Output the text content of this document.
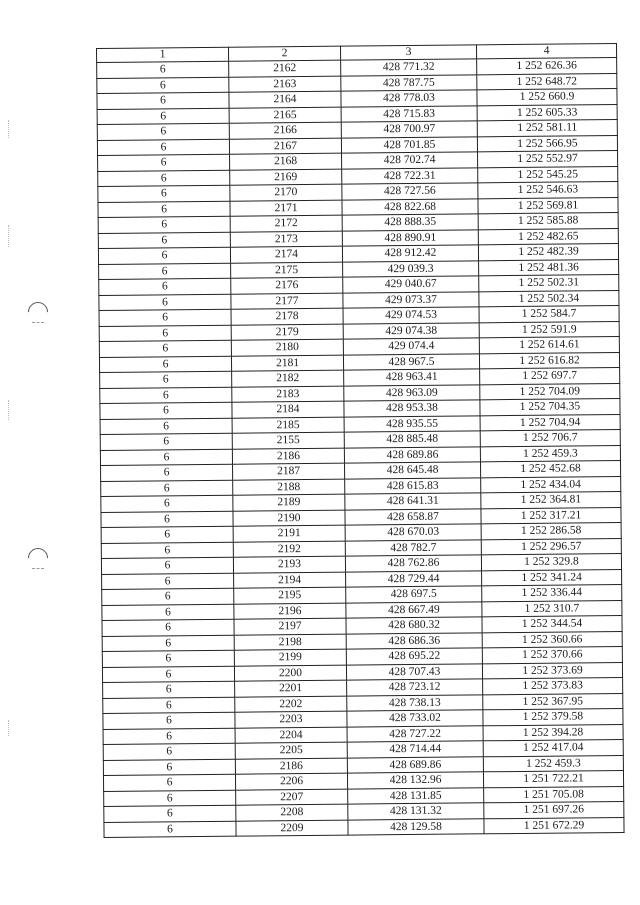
1	2	3	4
6	2162	428 771.32	1 252 626.36
6	2163	428 787.75	1 252 648.72
6	2164	428 778.03	1 252 660.9
6	2165	428 715.83	1 252 605.33
6	2166	428 700.97	1 252 581.11
6	2167	428 701.85	1 252 566.95
6	2168	428 702.74	1 252 552.97
6	2169	428 722.31	1 252 545.25
6	2170	428 727.56	1 252 546.63
6	2171	428 822.68	1 252 569.81
6	2172	428 888.35	1 252 585.88
6	2173	428 890.91	1 252 482.65
6	2174	428 912.42	1 252 482.39
6	2175	429 039.3	1 252 481.36
6	2176	429 040.67	1 252 502.31
6	2177	429 073.37	1 252 502.34
6	2178	429 074.53	1 252 584.7
6	2179	429 074.38	1 252 591.9
6	2180	429 074.4	1 252 614.61
6	2181	428 967.5	1 252 616.82
6	2182	428 963.41	1 252 697.7
6	2183	428 963.09	1 252 704.09
6	2184	428 953.38	1 252 704.35
6	2185	428 935.55	1 252 704.94
6	2155	428 885.48	1 252 706.7
6	2186	428 689.86	1 252 459.3
6	2187	428 645.48	1 252 452.68
6	2188	428 615.83	1 252 434.04
6	2189	428 641.31	1 252 364.81
6	2190	428 658.87	1 252 317.21
6	2191	428 670.03	1 252 286.58
6	2192	428 782.7	1 252 296.57
6	2193	428 762.86	1 252 329.8
6	2194	428 729.44	1 252 341.24
6	2195	428 697.5	1 252 336.44
6	2196	428 667.49	1 252 310.7
6	2197	428 680.32	1 252 344.54
6	2198	428 686.36	1 252 360.66
6	2199	428 695.22	1 252 370.66
6	2200	428 707.43	1 252 373.69
6	2201	428 723.12	1 252 373.83
6	2202	428 738.13	1 252 367.95
6	2203	428 733.02	1 252 379.58
6	2204	428 727.22	1 252 394.28
6	2205	428 714.44	1 252 417.04
6	2186	428 689.86	1 252 459.3
6	2206	428 132.96	1 251 722.21
6	2207	428 131.85	1 251 705.08
6	2208	428 131.32	1 251 697.26
6	2209	428 129.58	1 251 672.29
